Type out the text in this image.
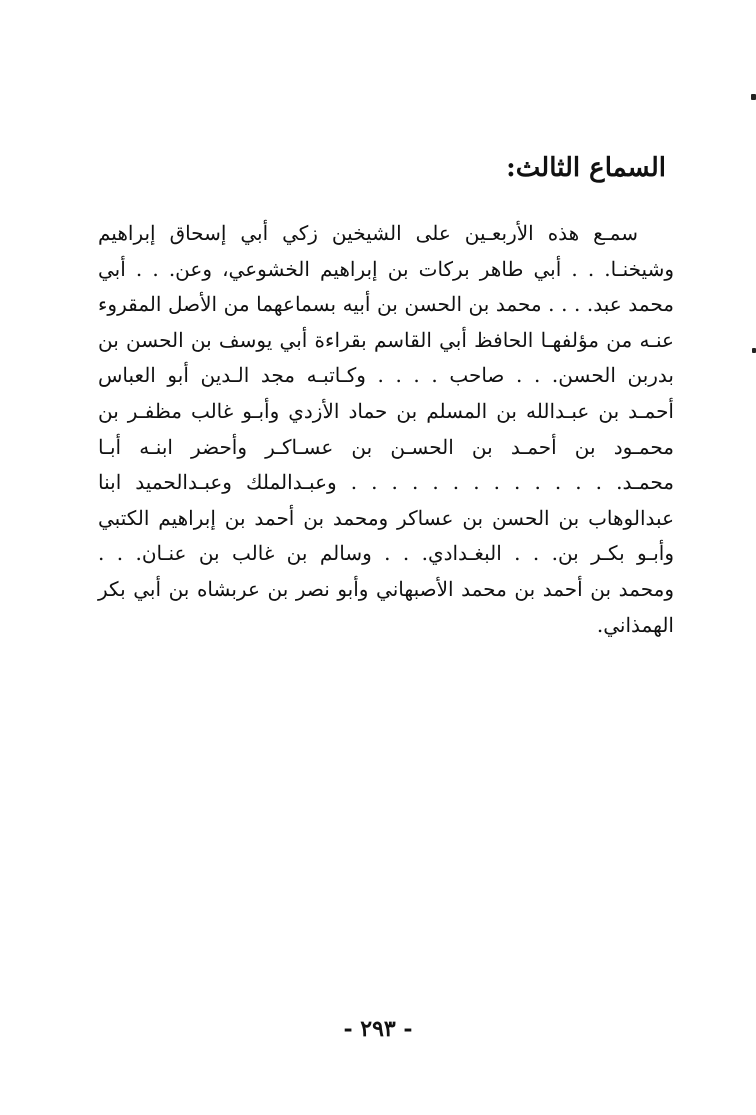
السماع الثالث:
سمـع هذه الأربعـين على الشيخين زكي أبي إسحاق إبراهيم
وشيخنـا. . . أبي طاهر بركات بن إبراهيم الخشوعي، وعن. . . أبي
محمد عبد. . . . محمد بن الحسن بن أبيه بسماعهما من الأصل المقروء
عنـه من مؤلفهـا الحافظ أبي القاسم بقراءة أبي يوسف بن الحسن بن
بدربن الحسن. . . صاحب . . . . وكـاتبـه مجد الـدين أبو العباس
أحمـد بن عبـدالله بن المسلم بن حماد الأزدي وأبـو غالب مظفـر بن
محمـود بن أحمـد بن الحسـن بن عسـاكـر وأحضر ابنـه أبـا
محمـد. . . . . . . . . . . . . . وعبـدالملك وعبـدالحميد ابنا
عبدالوهاب بن الحسن بن عساكر ومحمد بن أحمد بن إبراهيم الكتبي
وأبـو بكـر بن. . . البغـدادي. . . وسالم بن غالب بن عنـان. . .
ومحمد بن أحمد بن محمد الأصبهاني وأبو نصر بن عربشاه بن أبي بكر
الهمذاني.
- ٢٩٣ -
